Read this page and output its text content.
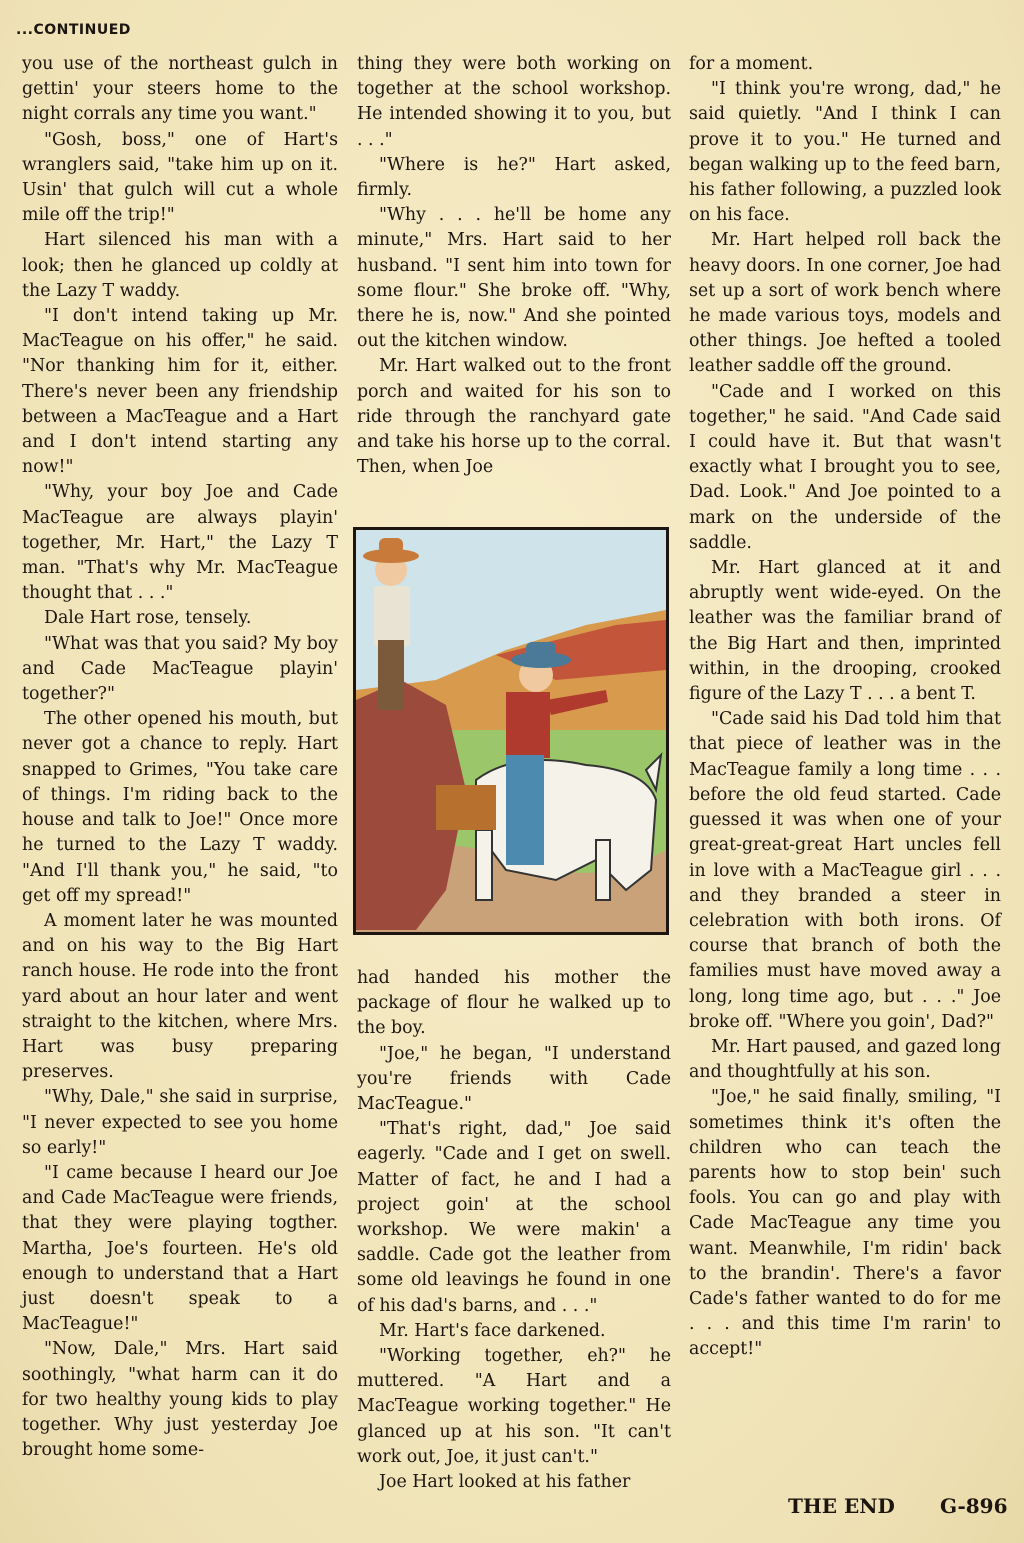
...CONTINUED

you use of the northeast gulch in gettin' your steers home to the night corrals any time you want."

"Gosh, boss," one of Hart's wranglers said, "take him up on it. Usin' that gulch will cut a whole mile off the trip!"

Hart silenced his man with a look; then he glanced up coldly at the Lazy T waddy.

"I don't intend taking up Mr. MacTeague on his offer," he said. "Nor thanking him for it, either. There's never been any friendship between a MacTeague and a Hart and I don't intend starting any now!"

"Why, your boy Joe and Cade MacTeague are always playin' together, Mr. Hart," the Lazy T man. "That's why Mr. MacTeague thought that . . ."

Dale Hart rose, tensely.

"What was that you said? My boy and Cade MacTeague playin' together?"

The other opened his mouth, but never got a chance to reply. Hart snapped to Grimes, "You take care of things. I'm riding back to the house and talk to Joe!" Once more he turned to the Lazy T waddy. "And I'll thank you," he said, "to get off my spread!"

A moment later he was mounted and on his way to the Big Hart ranch house. He rode into the front yard about an hour later and went straight to the kitchen, where Mrs. Hart was busy preparing preserves.

"Why, Dale," she said in surprise, "I never expected to see you home so early!"

"I came because I heard our Joe and Cade MacTeague were friends, that they were playing togther. Martha, Joe's fourteen. He's old enough to understand that a Hart just doesn't speak to a MacTeague!"

"Now, Dale," Mrs. Hart said soothingly, "what harm can it do for two healthy young kids to play together. Why just yesterday Joe brought home some-

thing they were both working on together at the school workshop. He intended showing it to you, but . . ."

"Where is he?" Hart asked, firmly.

"Why . . . he'll be home any minute," Mrs. Hart said to her husband. "I sent him into town for some flour." She broke off. "Why, there he is, now." And she pointed out the kitchen window.

Mr. Hart walked out to the front porch and waited for his son to ride through the ranchyard gate and take his horse up to the corral. Then, when Joe

had handed his mother the package of flour he walked up to the boy.

"Joe," he began, "I understand you're friends with Cade MacTeague."

"That's right, dad," Joe said eagerly. "Cade and I get on swell. Matter of fact, he and I had a project goin' at the school workshop. We were makin' a saddle. Cade got the leather from some old leavings he found in one of his dad's barns, and . . ."

Mr. Hart's face darkened.

"Working together, eh?" he muttered. "A Hart and a MacTeague working together." He glanced up at his son. "It can't work out, Joe, it just can't."

Joe Hart looked at his father

for a moment.

"I think you're wrong, dad," he said quietly. "And I think I can prove it to you." He turned and began walking up to the feed barn, his father following, a puzzled look on his face.

Mr. Hart helped roll back the heavy doors. In one corner, Joe had set up a sort of work bench where he made various toys, models and other things. Joe hefted a tooled leather saddle off the ground.

"Cade and I worked on this together," he said. "And Cade said I could have it. But that wasn't exactly what I brought you to see, Dad. Look." And Joe pointed to a mark on the underside of the saddle.

Mr. Hart glanced at it and abruptly went wide-eyed. On the leather was the familiar brand of the Big Hart and then, imprinted within, in the drooping, crooked figure of the Lazy T . . . a bent T.

"Cade said his Dad told him that that piece of leather was in the MacTeague family a long time . . . before the old feud started. Cade guessed it was when one of your great-great-great Hart uncles fell in love with a MacTeague girl . . . and they branded a steer in celebration with both irons. Of course that branch of both the families must have moved away a long, long time ago, but . . ." Joe broke off. "Where you goin', Dad?"

Mr. Hart paused, and gazed long and thoughtfully at his son.

"Joe," he said finally, smiling, "I sometimes think it's often the children who can teach the parents how to stop bein' such fools. You can go and play with Cade MacTeague any time you want. Meanwhile, I'm ridin' back to the brandin'. There's a favor Cade's father wanted to do for me . . . and this time I'm rarin' to accept!"

THE END G-896
